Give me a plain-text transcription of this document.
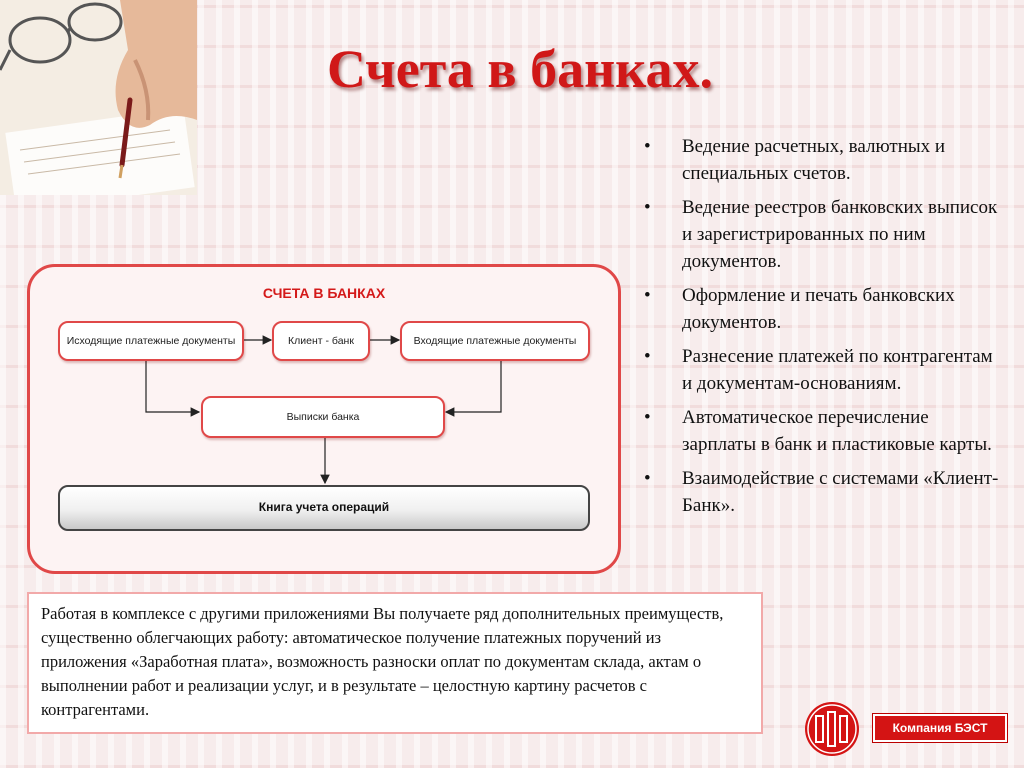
Счета в банках.
• Ведение расчетных, валютных и специальных счетов.
• Ведение реестров банковских выписок и зарегистрированных по ним документов.
• Оформление и печать банковских документов.
• Разнесение платежей по контрагентам и документам-основаниям.
• Автоматическое перечисление зарплаты в банк и пластиковые карты.
• Взаимодействие с системами «Клиент-Банк».
СЧЕТА В БАНКАХ
Исходящие платежные документы	Клиент - банк	Входящие платежные документы
Выписки банка
Книга учета операций
Работая в комплексе с другими приложениями Вы получаете ряд дополнительных преимуществ, существенно облегчающих работу: автоматическое получение платежных поручений из приложения «Заработная плата», возможность разноски оплат по документам склада, актам о выполнении работ и реализации услуг, и в результате – целостную картину расчетов с контрагентами.
Компания БЭСТ
